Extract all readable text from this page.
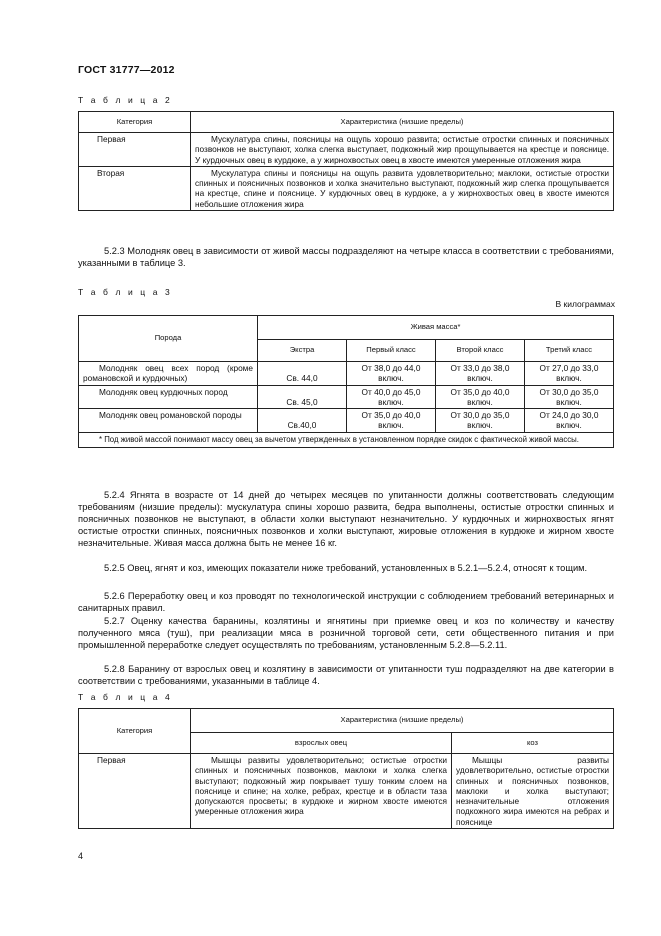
ГОСТ 31777—2012
Т а б л и ц а 2
Категория	Характеристика (низшие пределы)
Первая	Мускулатура спины, поясницы на ощупь хорошо развита; остистые отростки спинных и поясничных позвонков не выступают, холка слегка выступает, подкожный жир прощупывается на крестце и пояснице. У курдючных овец в курдюке, а у жирнохвостых овец в хвосте имеются умеренные отложения жира
Вторая	Мускулатура спины и поясницы на ощупь развита удовлетворительно; маклоки, остистые отростки спинных и поясничных позвонков и холка значительно выступают, подкожный жир слегка прощупывается на крестце, спине и пояснице. У курдючных овец в курдюке, а у жирнохвостых овец в хвосте имеются небольшие отложения жира
5.2.3 Молодняк овец в зависимости от живой массы подразделяют на четыре класса в соответствии с требованиями, указанными в таблице 3.
Т а б л и ц а 3
В килограммах
Порода	Живая масса*			
	Экстра	Первый класс	Второй класс	Третий класс
Молодняк овец всех пород (кроме романовской и курдючных)	Св. 44,0	От 38,0 до 44,0 включ.	От 33,0 до 38,0 включ.	От 27,0 до 33,0 включ.
Молодняк овец курдючных пород	Св. 45,0	От 40,0 до 45,0 включ.	От 35,0 до 40,0 включ.	От 30,0 до 35,0 включ.
Молодняк овец романовской породы	Св.40,0	От 35,0 до 40,0 включ.	От 30,0 до 35,0 включ.	От 24,0 до 30,0 включ.
* Под живой массой понимают массу овец за вычетом утвержденных в установленном порядке скидок с фактической живой массы.				
5.2.4 Ягнята в возрасте от 14 дней до четырех месяцев по упитанности должны соответствовать следующим требованиям (низшие пределы): мускулатура спины хорошо развита, бедра выполнены, остистые отростки спинных и поясничных позвонков не выступают, в области холки выступают незначительно. У курдючных и жирнохвостых ягнят остистые отростки спинных, поясничных позвонков и холки выступают, жировые отложения в курдюке и жирном хвосте незначительные. Живая масса должна быть не менее 16 кг.
5.2.5 Овец, ягнят и коз, имеющих показатели ниже требований, установленных в 5.2.1—5.2.4, относят к тощим.
5.2.6 Переработку овец и коз проводят по технологической инструкции с соблюдением требований ветеринарных и санитарных правил.
5.2.7 Оценку качества баранины, козлятины и ягнятины при приемке овец и коз по количеству и качеству полученного мяса (туш), при реализации мяса в розничной торговой сети, сети общественного питания и при промышленной переработке следует осуществлять по требованиям, установленным 5.2.8—5.2.11.
5.2.8 Баранину от взрослых овец и козлятину в зависимости от упитанности туш подразделяют на две категории в соответствии с требованиями, указанными в таблице 4.
Т а б л и ц а 4
Категория	Характеристика (низшие пределы)	
	взрослых овец	коз
Первая	Мышцы развиты удовлетворительно; остистые отростки спинных и поясничных позвонков, маклоки и холка слегка выступают; подкожный жир покрывает тушу тонким слоем на пояснице и спине; на холке, ребрах, крестце и в области таза допускаются просветы; в курдюке и жирном хвосте имеются умеренные отложения жира	Мышцы развиты удовлетворительно, остистые отростки спинных и поясничных позвонков, маклоки и холка выступают; незначительные отложения подкожного жира имеются на ребрах и пояснице
4
